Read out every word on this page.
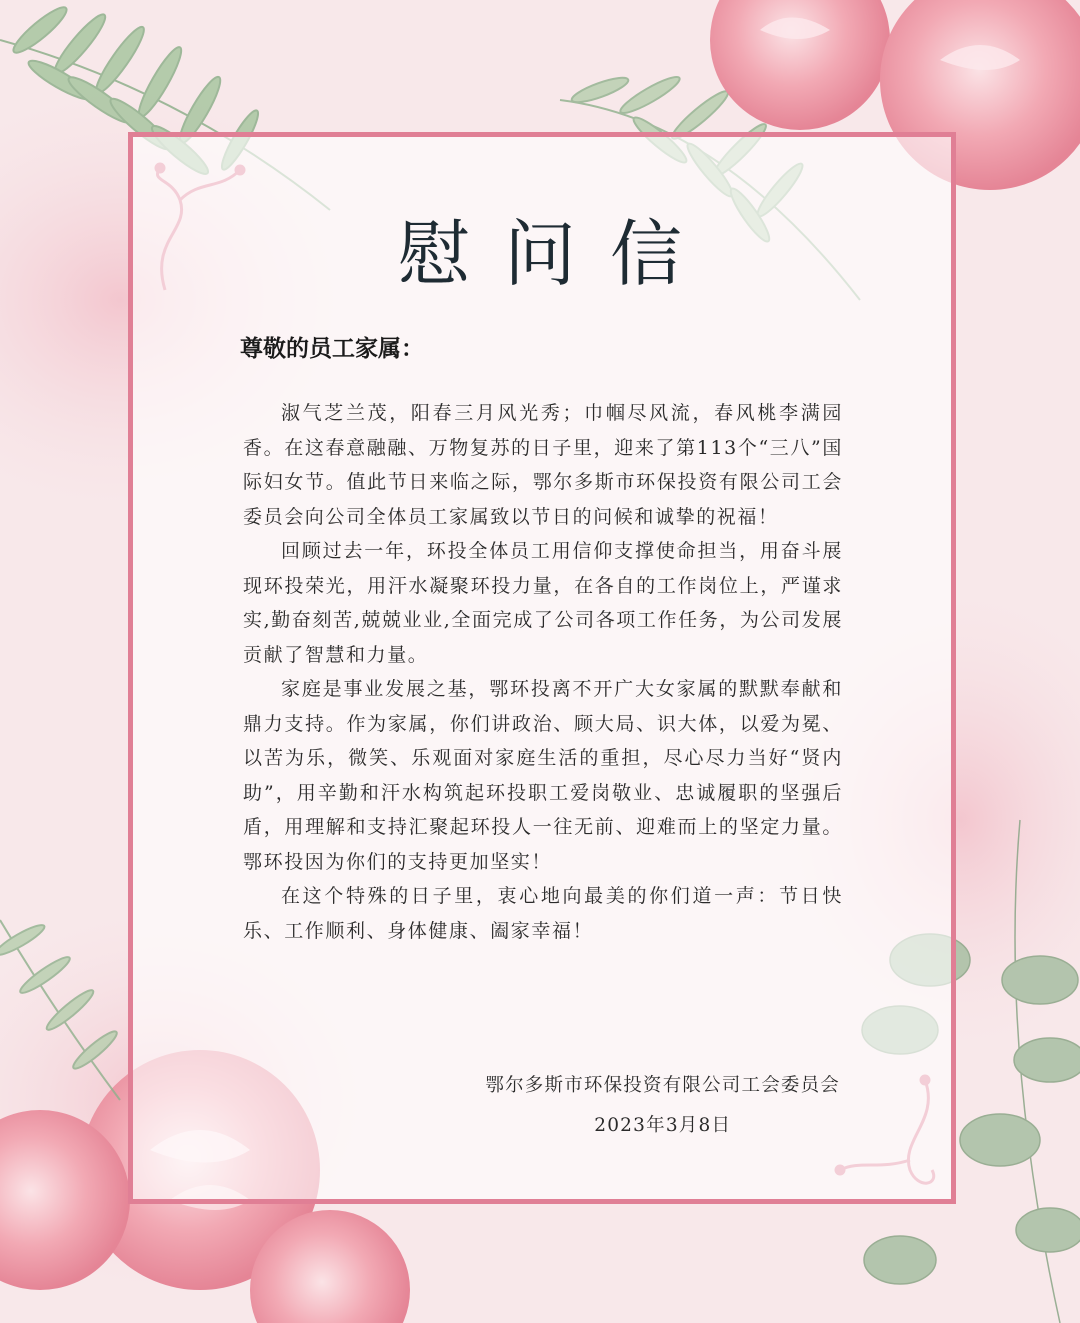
慰问信
尊敬的员工家属：

淑气芝兰茂，阳春三月风光秀；巾帼尽风流，春风桃李满园香。在这春意融融、万物复苏的日子里，迎来了第113个“三八”国际妇女节。值此节日来临之际，鄂尔多斯市环保投资有限公司工会委员会向公司全体员工家属致以节日的问候和诚挚的祝福！

回顾过去一年，环投全体员工用信仰支撑使命担当，用奋斗展现环投荣光，用汗水凝聚环投力量，在各自的工作岗位上，严谨求实,勤奋刻苦,兢兢业业,全面完成了公司各项工作任务，为公司发展贡献了智慧和力量。

家庭是事业发展之基，鄂环投离不开广大女家属的默默奉献和鼎力支持。作为家属，你们讲政治、顾大局、识大体，以爱为冕、以苦为乐，微笑、乐观面对家庭生活的重担，尽心尽力当好“贤内助”，用辛勤和汗水构筑起环投职工爱岗敬业、忠诚履职的坚强后盾，用理解和支持汇聚起环投人一往无前、迎难而上的坚定力量。鄂环投因为你们的支持更加坚实！

在这个特殊的日子里，衷心地向最美的你们道一声：节日快乐、工作顺利、身体健康、阖家幸福！

鄂尔多斯市环保投资有限公司工会委员会
2023年3月8日
